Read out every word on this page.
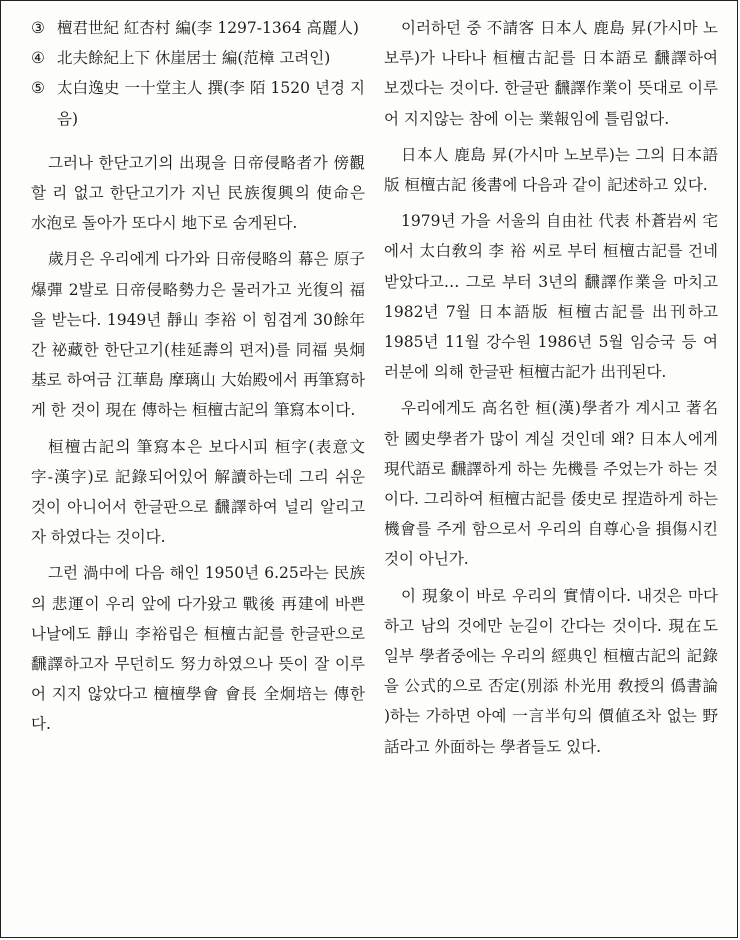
③ 檀君世紀 紅杏村 編(李 1297-1364 高麗人)
④ 北夫餘紀上下 休崖居士 編(范樟 고려인)
⑤ 太白逸史 一十堂主人 撰(李 陌 1520 년경 지음)

그러나 한단고기의 出現을 日帝侵略者가 傍觀할 리 없고 한단고기가 지닌 民族復興의 使命은 水泡로 돌아가 또다시 地下로 숨게된다.

歲月은 우리에게 다가와 日帝侵略의 幕은 原子爆彈 2발로 日帝侵略勢力은 물러가고 光復의 福을 받는다. 1949년 靜山 李裕 이 힘겹게 30餘年간 祕藏한 한단고기(桂延壽의 편저)를 同福 吳炯基로 하여금 江華島 摩璃山 大始殿에서 再筆寫하게 한 것이 現在 傳하는 桓檀古記의 筆寫本이다.

桓檀古記의 筆寫本은 보다시피 桓字(表意文字-漢字)로 記錄되어있어 解讀하는데 그리 쉬운 것이 아니어서 한글판으로 飜譯하여 널리 알리고자 하였다는 것이다.

그런 渦中에 다음 해인 1950년 6.25라는 民族의 悲運이 우리 앞에 다가왔고 戰後 再建에 바쁜 나날에도 靜山 李裕립은 桓檀古記를 한글판으로 飜譯하고자 무던히도 努力하였으나 뜻이 잘 이루어 지지 않았다고 檀檀學會 會長 全炯培는 傳한다.

이러하던 중 不請客 日本人 鹿島 昇(가시마 노보루)가 나타나 桓檀古記를 日本語로 飜譯하여 보겠다는 것이다. 한글판 飜譯作業이 뜻대로 이루어 지지않는 참에 이는 業報임에 틀림없다.

日本人 鹿島 昇(가시마 노보루)는 그의 日本語版 桓檀古記 後書에 다음과 같이 記述하고 있다.

1979년 가을 서울의 自由社 代表 朴蒼岩씨 宅에서 太白敎의 李 裕 씨로 부터 桓檀古記를 건네 받았다고… 그로 부터 3년의 飜譯作業을 마치고 1982년 7월 日本語版 桓檀古記를 出刊하고 1985년 11월 강수원 1986년 5월 임승국 등 여러분에 의해 한글판 桓檀古記가 出刊된다.

우리에게도 高名한 桓(漢)學者가 계시고 著名한 國史學者가 많이 계실 것인데 왜? 日本人에게 現代語로 飜譯하게 하는 先機를 주었는가 하는 것이다. 그리하여 桓檀古記를 倭史로 捏造하게 하는 機會를 주게 함으로서 우리의 自尊心을 損傷시킨 것이 아닌가.

이 現象이 바로 우리의 實情이다. 내것은 마다하고 남의 것에만 눈길이 간다는 것이다. 現在도 일부 學者중에는 우리의 經典인 桓檀古記의 記錄을 公式的으로 否定(別添 朴光用 敎授의 僞書論 )하는 가하면 아예 一言半句의 價値조차 없는 野話라고 外面하는 學者들도 있다.
